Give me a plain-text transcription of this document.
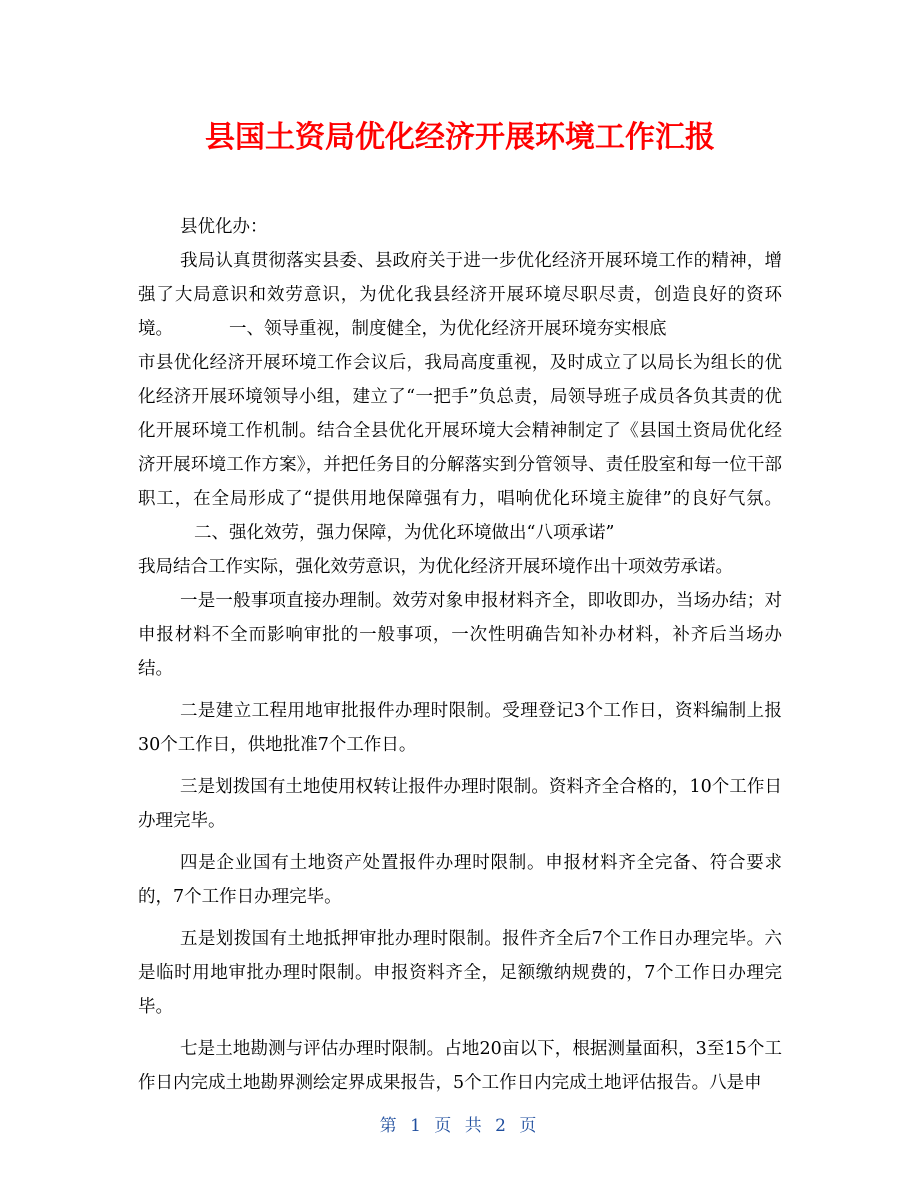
县国土资局优化经济开展环境工作汇报

县优化办：

我局认真贯彻落实县委、县政府关于进一步优化经济开展环境工作的精神，增强了大局意识和效劳意识，为优化我县经济开展环境尽职尽责，创造良好的资环境。	一、领导重视，制度健全，为优化经济开展环境夯实根底

市县优化经济开展环境工作会议后，我局高度重视，及时成立了以局长为组长的优化经济开展环境领导小组，建立了“一把手”负总责，局领导班子成员各负其责的优化开展环境工作机制。结合全县优化开展环境大会精神制定了《县国土资局优化经济开展环境工作方案》，并把任务目的分解落实到分管领导、责任股室和每一位干部职工，在全局形成了“提供用地保障强有力，唱响优化环境主旋律”的良好气氛。二、强化效劳，强力保障，为优化环境做出“八项承诺”

我局结合工作实际，强化效劳意识，为优化经济开展环境作出十项效劳承诺。

一是一般事项直接办理制。效劳对象申报材料齐全，即收即办，当场办结；对申报材料不全而影响审批的一般事项，一次性明确告知补办材料，补齐后当场办结。

二是建立工程用地审批报件办理时限制。受理登记3个工作日，资料编制上报30个工作日，供地批准7个工作日。

三是划拨国有土地使用权转让报件办理时限制。资料齐全合格的，10个工作日办理完毕。

四是企业国有土地资产处置报件办理时限制。申报材料齐全完备、符合要求的，7个工作日办理完毕。

五是划拨国有土地抵押审批办理时限制。报件齐全后7个工作日办理完毕。六是临时用地审批办理时限制。申报资料齐全，足额缴纳规费的，7个工作日办理完毕。

七是土地勘测与评估办理时限制。占地20亩以下，根据测量面积，3至15个工作日内完成土地勘界测绘定界成果报告，5个工作日内完成土地评估报告。八是申

第 1 页 共 2 页
